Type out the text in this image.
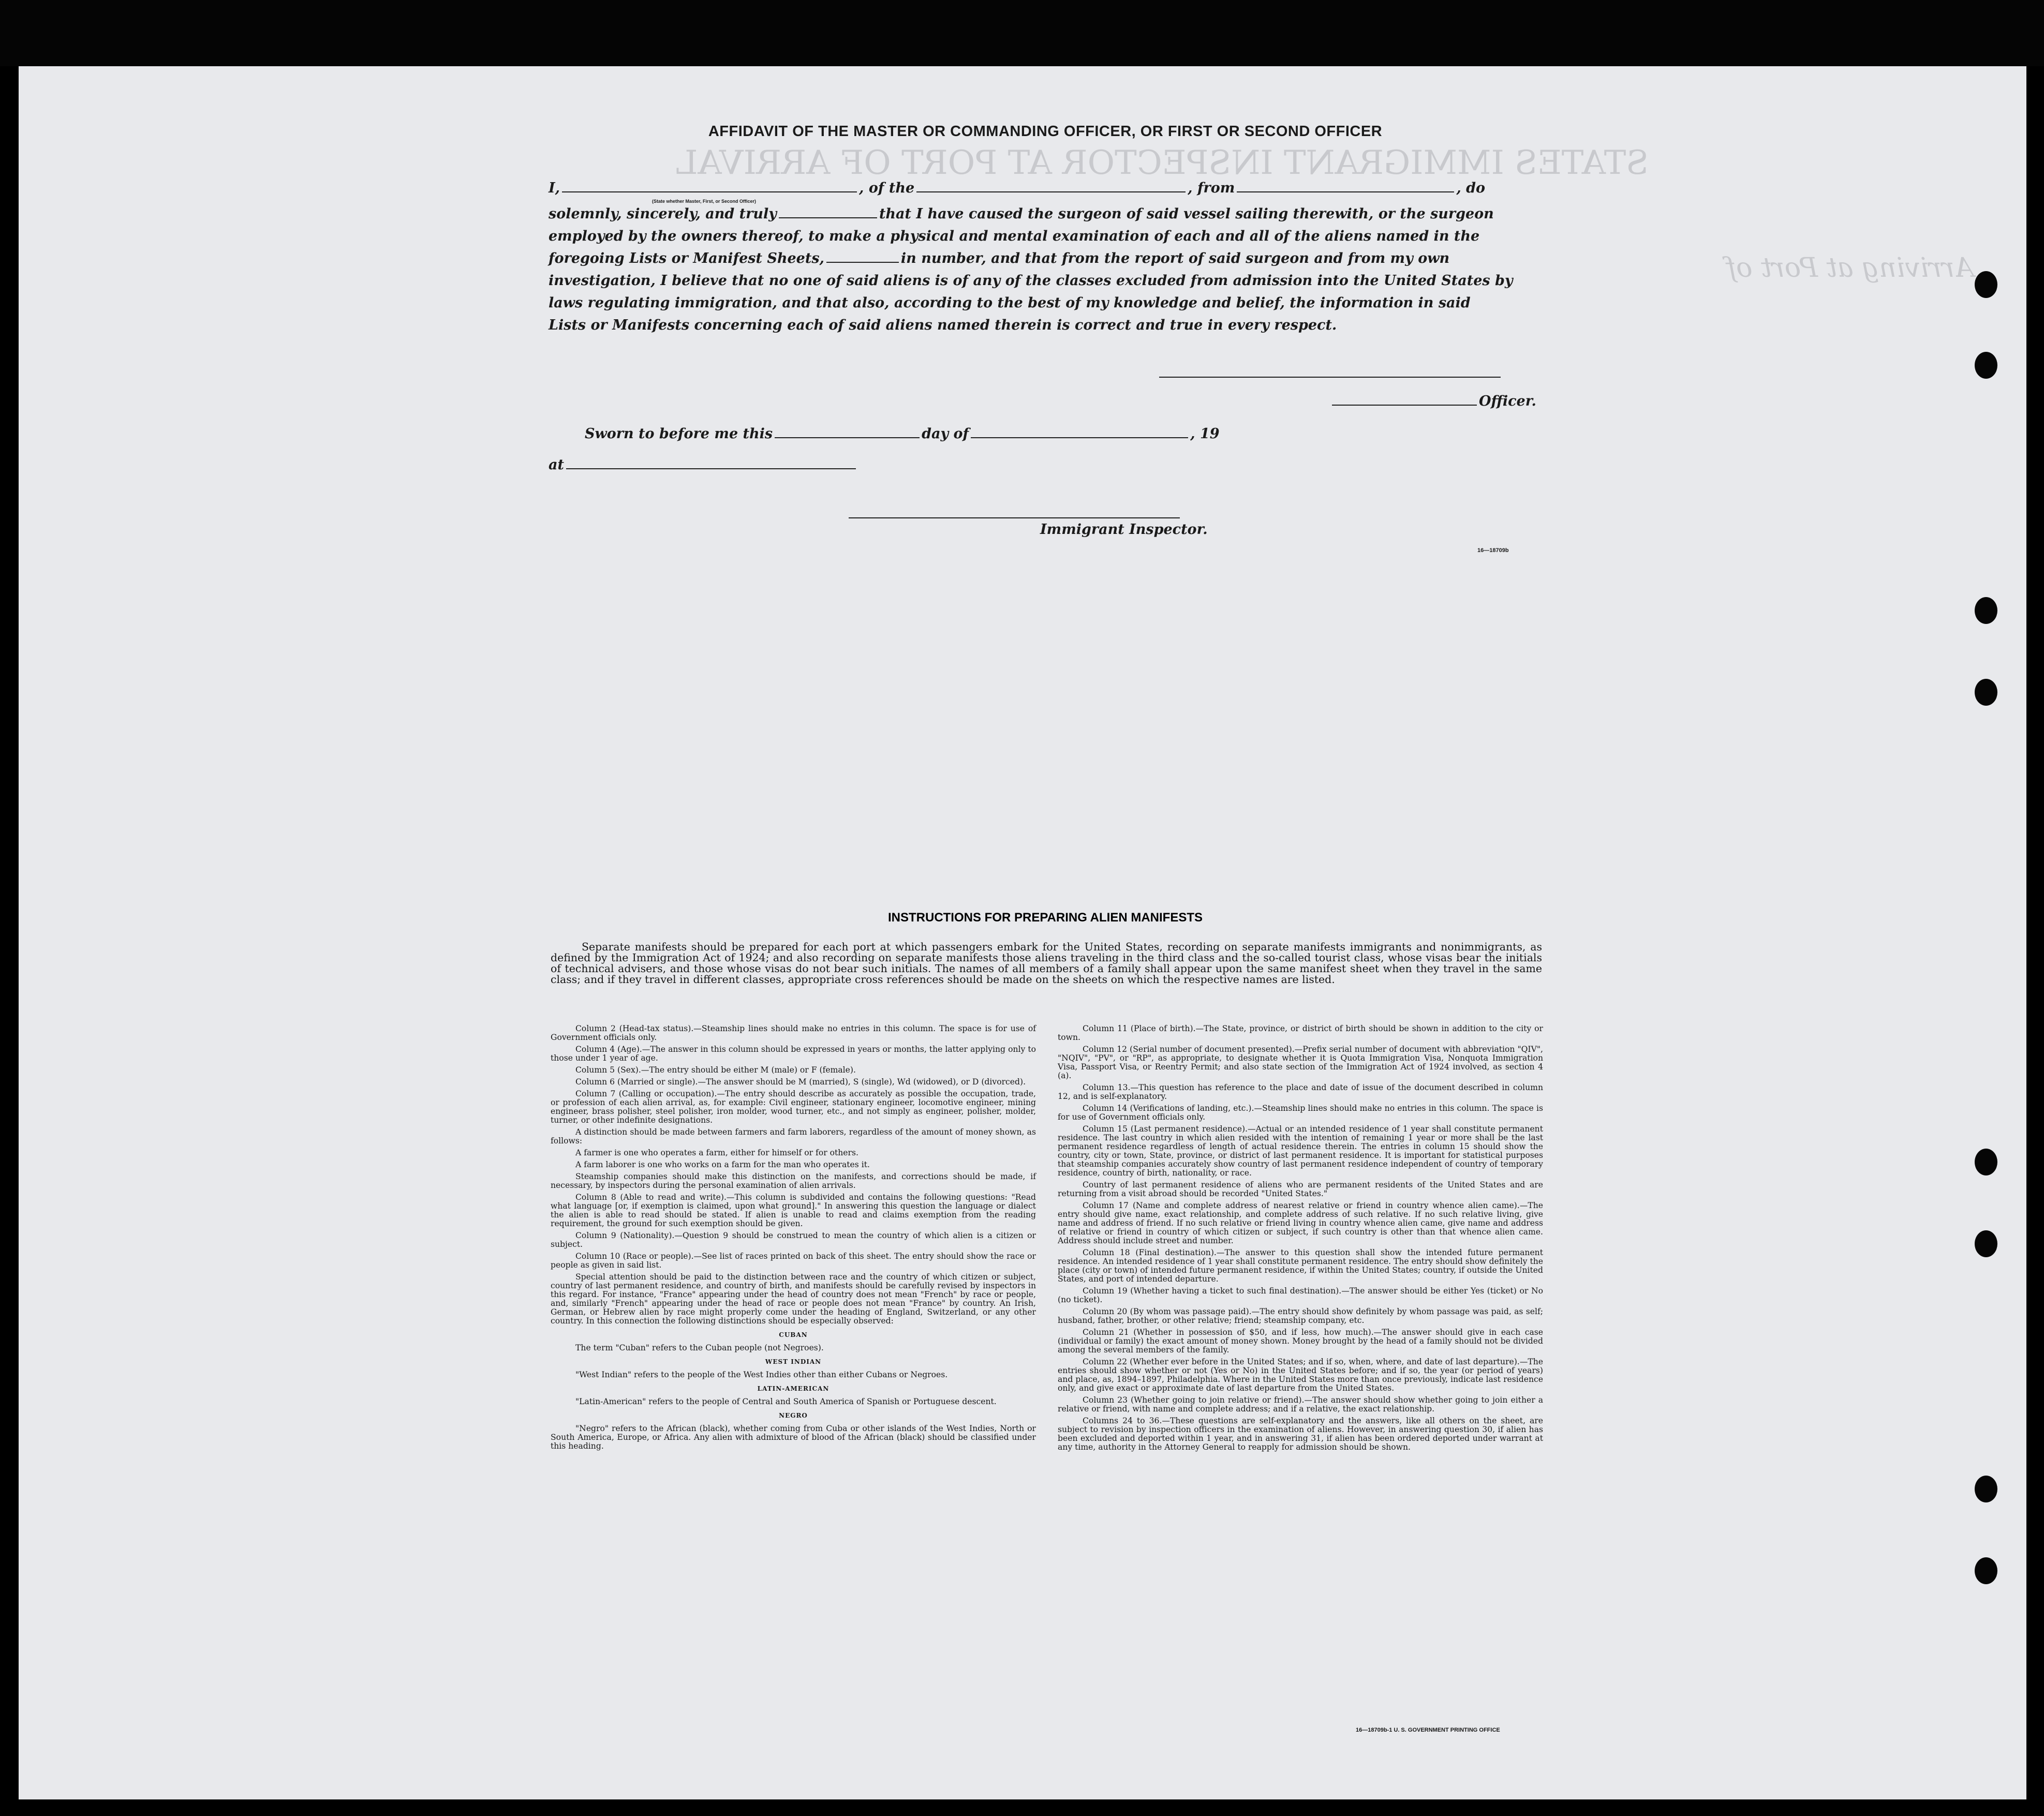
STATES IMMIGRANT INSPECTOR AT PORT OF ARRIVAL
Arriving at Port of
AFFIDAVIT OF THE MASTER OR COMMANDING OFFICER, OR FIRST OR SECOND OFFICER
I,	, of the	, from	, do
(State whether Master, First, or Second Officer)
solemnly, sincerely, and truly	that I have caused the surgeon of said vessel sailing therewith, or the surgeon
employed by the owners thereof, to make a physical and mental examination of each and all of the aliens named in the
foregoing Lists or Manifest Sheets,	in number, and that from the report of said surgeon and from my own
investigation, I believe that no one of said aliens is of any of the classes excluded from admission into the United States by
laws regulating immigration, and that also, according to the best of my knowledge and belief, the information in said
Lists or Manifests concerning each of said aliens named therein is correct and true in every respect.
Officer.
Sworn to before me this	day of	, 19
at
Immigrant Inspector.
16—18709b
INSTRUCTIONS FOR PREPARING ALIEN MANIFESTS
Separate manifests should be prepared for each port at which passengers embark for the United States, recording on separate manifests immigrants and nonimmigrants, as defined by the Immigration Act of 1924; and also recording on separate manifests those aliens traveling in the third class and the so-called tourist class, whose visas bear the initials of technical advisers, and those whose visas do not bear such initials. The names of all members of a family shall appear upon the same manifest sheet when they travel in the same class; and if they travel in different classes, appropriate cross references should be made on the sheets on which the respective names are listed.

Column 2 (Head-tax status).—Steamship lines should make no entries in this column. The space is for use of Government officials only.

Column 4 (Age).—The answer in this column should be expressed in years or months, the latter applying only to those under 1 year of age.

Column 5 (Sex).—The entry should be either M (male) or F (female).

Column 6 (Married or single).—The answer should be M (married), S (single), Wd (widowed), or D (divorced).

Column 7 (Calling or occupation).—The entry should describe as accurately as possible the occupation, trade, or profession of each alien arrival, as, for example: Civil engineer, stationary engineer, locomotive engineer, mining engineer, brass polisher, steel polisher, iron molder, wood turner, etc., and not simply as engineer, polisher, molder, turner, or other indefinite designations.

A distinction should be made between farmers and farm laborers, regardless of the amount of money shown, as follows:

A farmer is one who operates a farm, either for himself or for others.

A farm laborer is one who works on a farm for the man who operates it.

Steamship companies should make this distinction on the manifests, and corrections should be made, if necessary, by inspectors during the personal examination of alien arrivals.

Column 8 (Able to read and write).—This column is subdivided and contains the following questions: "Read what language [or, if exemption is claimed, upon what ground]." In answering this question the language or dialect the alien is able to read should be stated. If alien is unable to read and claims exemption from the reading requirement, the ground for such exemption should be given.

Column 9 (Nationality).—Question 9 should be construed to mean the country of which alien is a citizen or subject.

Column 10 (Race or people).—See list of races printed on back of this sheet. The entry should show the race or people as given in said list.

Special attention should be paid to the distinction between race and the country of which citizen or subject, country of last permanent residence, and country of birth, and manifests should be carefully revised by inspectors in this regard. For instance, "France" appearing under the head of country does not mean "French" by race or people, and, similarly "French" appearing under the head of race or people does not mean "France" by country. An Irish, German, or Hebrew alien by race might properly come under the heading of England, Switzerland, or any other country. In this connection the following distinctions should be especially observed:

CUBAN

The term "Cuban" refers to the Cuban people (not Negroes).

WEST INDIAN

"West Indian" refers to the people of the West Indies other than either Cubans or Negroes.

LATIN-AMERICAN

"Latin-American" refers to the people of Central and South America of Spanish or Portuguese descent.

NEGRO

"Negro" refers to the African (black), whether coming from Cuba or other islands of the West Indies, North or South America, Europe, or Africa. Any alien with admixture of blood of the African (black) should be classified under this heading.

Column 11 (Place of birth).—The State, province, or district of birth should be shown in addition to the city or town.

Column 12 (Serial number of document presented).—Prefix serial number of document with abbreviation "QIV", "NQIV", "PV", or "RP", as appropriate, to designate whether it is Quota Immigration Visa, Nonquota Immigration Visa, Passport Visa, or Reentry Permit; and also state section of the Immigration Act of 1924 involved, as section 4 (a).

Column 13.—This question has reference to the place and date of issue of the document described in column 12, and is self-explanatory.

Column 14 (Verifications of landing, etc.).—Steamship lines should make no entries in this column. The space is for use of Government officials only.

Column 15 (Last permanent residence).—Actual or an intended residence of 1 year shall constitute permanent residence. The last country in which alien resided with the intention of remaining 1 year or more shall be the last permanent residence regardless of length of actual residence therein. The entries in column 15 should show the country, city or town, State, province, or district of last permanent residence. It is important for statistical purposes that steamship companies accurately show country of last permanent residence independent of country of temporary residence, country of birth, nationality, or race.

Country of last permanent residence of aliens who are permanent residents of the United States and are returning from a visit abroad should be recorded "United States."

Column 17 (Name and complete address of nearest relative or friend in country whence alien came).—The entry should give name, exact relationship, and complete address of such relative. If no such relative living, give name and address of friend. If no such relative or friend living in country whence alien came, give name and address of relative or friend in country of which citizen or subject, if such country is other than that whence alien came. Address should include street and number.

Column 18 (Final destination).—The answer to this question shall show the intended future permanent residence. An intended residence of 1 year shall constitute permanent residence. The entry should show definitely the place (city or town) of intended future permanent residence, if within the United States; country, if outside the United States, and port of intended departure.

Column 19 (Whether having a ticket to such final destination).—The answer should be either Yes (ticket) or No (no ticket).

Column 20 (By whom was passage paid).—The entry should show definitely by whom passage was paid, as self; husband, father, brother, or other relative; friend; steamship company, etc.

Column 21 (Whether in possession of $50, and if less, how much).—The answer should give in each case (individual or family) the exact amount of money shown. Money brought by the head of a family should not be divided among the several members of the family.

Column 22 (Whether ever before in the United States; and if so, when, where, and date of last departure).—The entries should show whether or not (Yes or No) in the United States before; and if so, the year (or period of years) and place, as, 1894–1897, Philadelphia. Where in the United States more than once previously, indicate last residence only, and give exact or approximate date of last departure from the United States.

Column 23 (Whether going to join relative or friend).—The answer should show whether going to join either a relative or friend, with name and complete address; and if a relative, the exact relationship.

Columns 24 to 36.—These questions are self-explanatory and the answers, like all others on the sheet, are subject to revision by inspection officers in the examination of aliens. However, in answering question 30, if alien has been excluded and deported within 1 year, and in answering 31, if alien has been ordered deported under warrant at any time, authority in the Attorney General to reapply for admission should be shown.

16—18709b-1 U. S. GOVERNMENT PRINTING OFFICE
